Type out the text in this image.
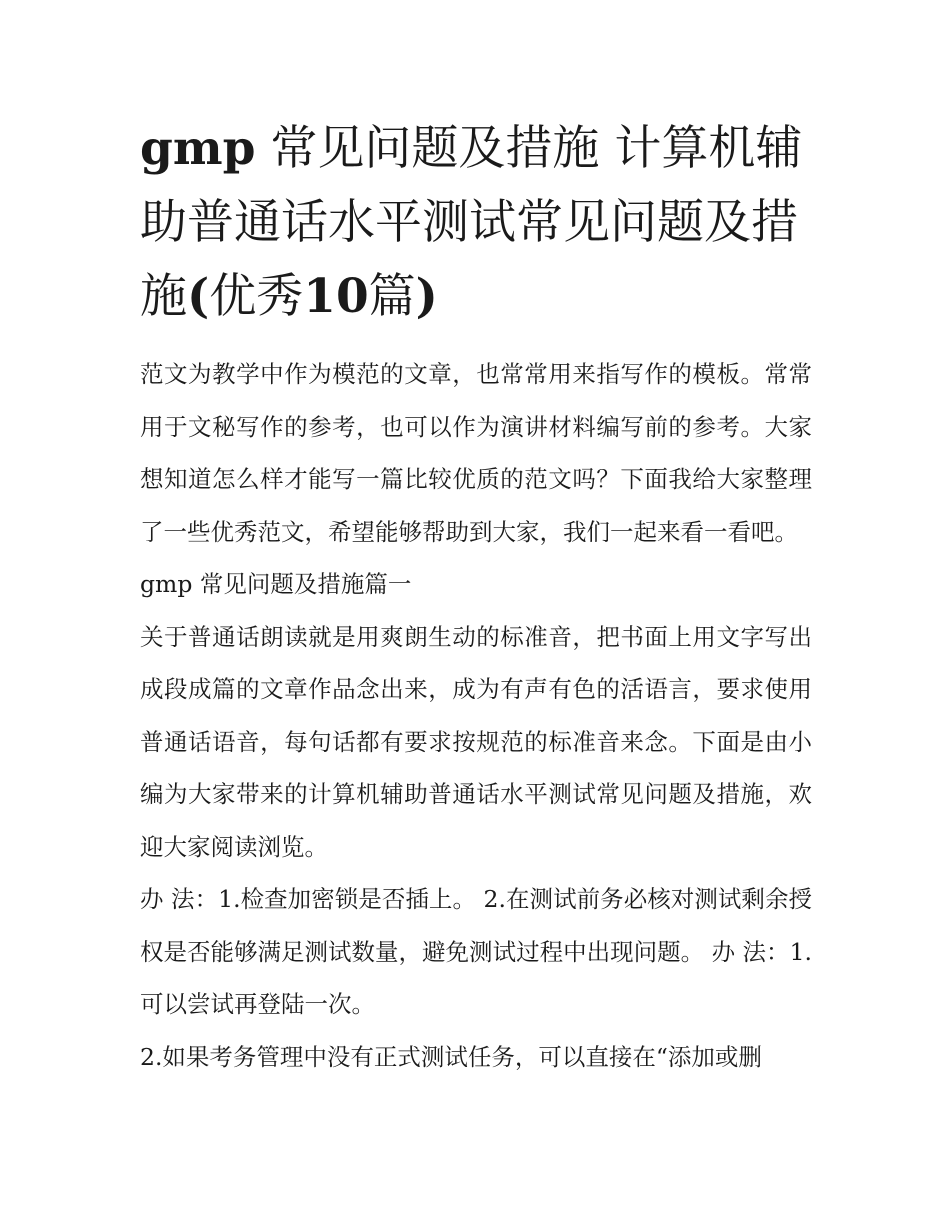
gmp 常见问题及措施 计算机辅助普通话水平测试常见问题及措施(优秀10篇)

范文为教学中作为模范的文章，也常常用来指写作的模板。常常用于文秘写作的参考，也可以作为演讲材料编写前的参考。大家想知道怎么样才能写一篇比较优质的范文吗？下面我给大家整理了一些优秀范文，希望能够帮助到大家，我们一起来看一看吧。

gmp 常见问题及措施篇一

关于普通话朗读就是用爽朗生动的标准音，把书面上用文字写出成段成篇的文章作品念出来，成为有声有色的活语言，要求使用普通话语音，每句话都有要求按规范的标准音来念。下面是由小编为大家带来的计算机辅助普通话水平测试常见问题及措施，欢迎大家阅读浏览。

办 法：1.检查加密锁是否插上。 2.在测试前务必核对测试剩余授权是否能够满足测试数量，避免测试过程中出现问题。 办 法：1.可以尝试再登陆一次。

2.如果考务管理中没有正式测试任务，可以直接在“添加或删
